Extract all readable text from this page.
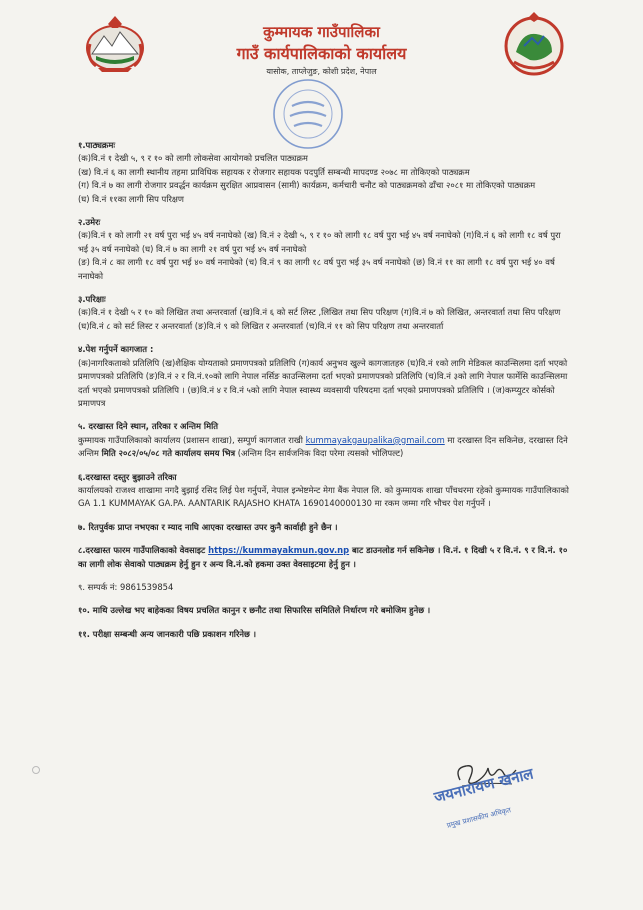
कुम्मायक गाउँपालिका
गाउँ कार्यपालिकाको कार्यालय
यासोक, ताप्लेजुङ, कोशी प्रदेश, नेपाल

१.पाठ्यक्रमः

(क)वि.नं १ देखी ५, ९ र १० को लागी लोकसेवा आयोगको प्रचलित पाठ्यक्रम

(ख) वि.नं ६ का लागी स्थानीय तहमा प्राविधिक सहायक र रोजगार सहायक पदपुर्ति सम्बन्धी मापदण्ड २०७८ मा तोकिएको पाठ्यक्रम

(ग) वि.नं ७ का लागी रोजगार प्रवर्द्धन कार्यक्रम सुरक्षित आप्रवासन (सामी) कार्यक्रम, कर्मचारी चनौट को पाठ्यक्रमको ढाँचा २०८१ मा तोकिएको पाठ्यक्रम

(घ) वि.नं ११का लागी सिप परिक्षण

२.उमेरः

(क)वि.नं १ को लागी २१ वर्ष पुरा भई ४५ वर्ष ननाघेको (ख) वि.नं २ देखी ५, ९ र १० को लागी १८ वर्ष पुरा भई ४५ वर्ष ननाघेको (ग)वि.नं ६ को लागी १८ वर्ष पुरा भई ३५ वर्ष ननाघेको (घ) वि.नं ७ का लागी २१ वर्ष पुरा भई ४५ वर्ष ननाघेको

(ङ) वि.नं ८ का लागी १८ वर्ष पुरा भई ४० वर्ष ननाघेको (च) वि.नं ९ का लागी १८ वर्ष पुरा भई ३५ वर्ष ननाघेको (छ) वि.नं ११ का लागी १८ वर्ष पुरा भई ४० वर्ष ननाघेको

३.परिक्षाः

(क)वि.नं १ देखी ५ र १० को लिखित तथा अन्तरवार्ता (ख)वि.नं ६ को सर्ट लिस्ट ,लिखित तथा सिप परिक्षण (ग)वि.नं ७ को लिखित, अन्तरवार्ता तथा सिप परिक्षण (घ)वि.नं ८ को सर्ट लिस्ट र अन्तरवार्ता (ङ)वि.नं ९ को लिखित र अन्तरवार्ता (च)वि.नं ११ को सिप परिक्षण तथा अन्तरवार्ता

४.पेश गर्नुपर्ने कागजात :

(क)नागरिकताको प्रतिलिपि (ख)शैक्षिक योग्यताको प्रमाणपत्रको प्रतिलिपि (ग)कार्य अनुभव खुल्ने कागजातहरु (घ)वि.नं १को लागि मेडिकल काउन्सिलमा दर्ता भएको प्रमाणपत्रको प्रतिलिपि (ङ)वि.नं २ र वि.नं.१०को लागि नेपाल नर्सिङ काउन्सिलमा दर्ता भएको प्रमाणपत्रको प्रतिलिपि (च)वि.नं ३को लागि नेपाल फार्मेसि काउन्सिलमा दर्ता भएको प्रमाणपत्रको प्रतिलिपि । (छ)वि.नं ४ र वि.नं ५को लागि नेपाल स्वास्थ्य व्यवसायी परिषदमा दर्ता भएको प्रमाणपत्रको प्रतिलिपि । (ज)कम्प्युटर कोर्सको प्रमाणपत्र

५. दरखास्त दिने स्थान, तरिका र अन्तिम मिति

कुम्मायक गाउँपालिकाको कार्यालय (प्रशासन शाखा), सम्पुर्ण कागजात राखी kummayakgaupalika@gmail.com मा दरखास्त दिन सकिनेछ, दरखास्त दिने अन्तिम मिति २०८२/०५/०८ गते कार्यालय समय भित्र (अन्तिम दिन सार्वजनिक विदा परेमा त्यसको भोलिपल्ट)

६.दरखास्त दस्तुर बुझाउने तरिका

कार्यालयको राजश्व शाखामा नगदै बुझाई रसिद लिई पेश गर्नुपर्ने, नेपाल इन्भेष्टमेन्ट मेगा बैंक नेपाल लि. को कुम्मायक शाखा पाँचथरमा रहेको कुम्मायक गाउँपालिकाको GA 1.1 KUMMAYAK GA.PA. AANTARIK RAJASHO KHATA 1690140000130 मा रकम जम्मा गरि भौचर पेश गर्नुपर्ने ।

७. रितपुर्वक प्राप्त नभएका र म्याद नाघि आएका दरखास्त उपर कुनै कार्वाही हुने छैन ।

८.दरखास्त फारम गाउँपालिकाको वेवसाइट https://kummayakmun.gov.np बाट डाउनलोड गर्न सकिनेछ । वि.नं. १ दिखी ५ र वि.नं. ९ र वि.नं. १० का लागी लोक सेवाको पाठ्यक्रम हेर्नु हुन र अन्य वि.नं.को हकमा उक्त वेवसाइटमा हेर्नु हुन ।

९. सम्पर्क नं: 9861539854

१०. माथि उल्लेख भए बाहेकका विषय प्रचलित कानुन र छनौट तथा सिफारिस समितिले निर्धारण गरे बमोजिम हुनेछ ।

११. परीक्षा सम्बन्धी अन्य जानकारी पछि प्रकाशन गरिनेछ ।

जयनारायण खनाल
प्रमुख प्रशासकीय अधिकृत
